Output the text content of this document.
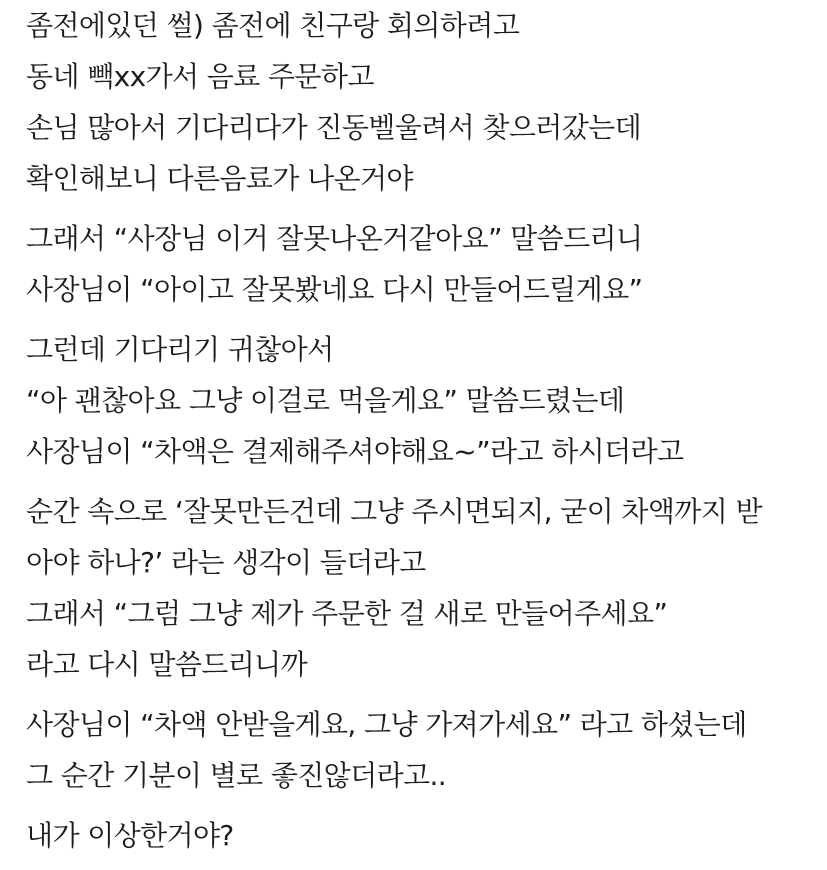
좀전에있던 썰) 좀전에 친구랑 회의하려고
동네 빽xx가서 음료 주문하고
손님 많아서 기다리다가 진동벨울려서 찾으러갔는데
확인해보니 다른음료가 나온거야
그래서 “사장님 이거 잘못나온거같아요” 말씀드리니
사장님이 “아이고 잘못봤네요 다시 만들어드릴게요”
그런데 기다리기 귀찮아서
“아 괜찮아요 그냥 이걸로 먹을게요” 말씀드렸는데
사장님이 “차액은 결제해주셔야해요~”라고 하시더라고
순간 속으로 ‘잘못만든건데 그냥 주시면되지, 굳이 차액까지 받
아야 하나?’ 라는 생각이 들더라고
그래서 “그럼 그냥 제가 주문한 걸 새로 만들어주세요”
라고 다시 말씀드리니까
사장님이 “차액 안받을게요, 그냥 가져가세요” 라고 하셨는데
그 순간 기분이 별로 좋진않더라고..
내가 이상한거야?
